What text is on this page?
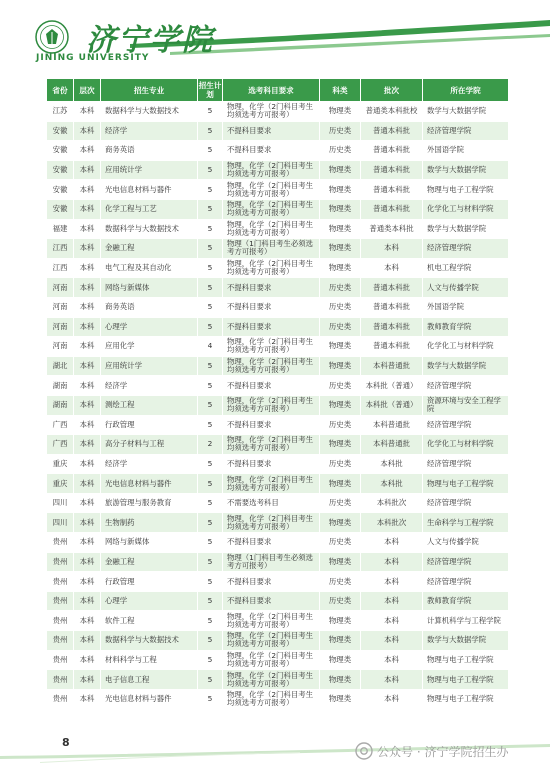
济宁学院
JINING UNIVERSITY
省份	层次	招生专业	招生计划	选考科目要求	科类	批次	所在学院
江苏	本科	数据科学与大数据技术	5	物理，化学（2门科目考生均须选考方可报考）	物理类	普通类本科批校	数学与大数据学院
安徽	本科	经济学	5	不提科目要求	历史类	普通本科批	经济管理学院
安徽	本科	商务英语	5	不提科目要求	历史类	普通本科批	外国语学院
安徽	本科	应用统计学	5	物理，化学（2门科目考生均须选考方可报考）	物理类	普通本科批	数学与大数据学院
安徽	本科	光电信息材料与器件	5	物理，化学（2门科目考生均须选考方可报考）	物理类	普通本科批	物理与电子工程学院
安徽	本科	化学工程与工艺	5	物理，化学（2门科目考生均须选考方可报考）	物理类	普通本科批	化学化工与材料学院
福建	本科	数据科学与大数据技术	5	物理，化学（2门科目考生均须选考方可报考）	物理类	普通类本科批	数学与大数据学院
江西	本科	金融工程	5	物理（1门科目考生必须选考方可报考）	物理类	本科	经济管理学院
江西	本科	电气工程及其自动化	5	物理，化学（2门科目考生均须选考方可报考）	物理类	本科	机电工程学院
河南	本科	网络与新媒体	5	不提科目要求	历史类	普通本科批	人文与传播学院
河南	本科	商务英语	5	不提科目要求	历史类	普通本科批	外国语学院
河南	本科	心理学	5	不提科目要求	历史类	普通本科批	教师教育学院
河南	本科	应用化学	4	物理，化学（2门科目考生均须选考方可报考）	物理类	普通本科批	化学化工与材料学院
湖北	本科	应用统计学	5	物理，化学（2门科目考生均须选考方可报考）	物理类	本科普通批	数学与大数据学院
湖南	本科	经济学	5	不提科目要求	历史类	本科批（普通）	经济管理学院
湖南	本科	测绘工程	5	物理，化学（2门科目考生均须选考方可报考）	物理类	本科批（普通）	资源环境与安全工程学院
广西	本科	行政管理	5	不提科目要求	历史类	本科普通批	经济管理学院
广西	本科	高分子材料与工程	2	物理，化学（2门科目考生均须选考方可报考）	物理类	本科普通批	化学化工与材料学院
重庆	本科	经济学	5	不提科目要求	历史类	本科批	经济管理学院
重庆	本科	光电信息材料与器件	5	物理，化学（2门科目考生均须选考方可报考）	物理类	本科批	物理与电子工程学院
四川	本科	旅游管理与服务教育	5	不需要选考科目	历史类	本科批次	经济管理学院
四川	本科	生物制药	5	物理，化学（2门科目考生均须选考方可报考）	物理类	本科批次	生命科学与工程学院
贵州	本科	网络与新媒体	5	不提科目要求	历史类	本科	人文与传播学院
贵州	本科	金融工程	5	物理（1门科目考生必须选考方可报考）	物理类	本科	经济管理学院
贵州	本科	行政管理	5	不提科目要求	历史类	本科	经济管理学院
贵州	本科	心理学	5	不提科目要求	历史类	本科	教师教育学院
贵州	本科	软件工程	5	物理，化学（2门科目考生均须选考方可报考）	物理类	本科	计算机科学与工程学院
贵州	本科	数据科学与大数据技术	5	物理，化学（2门科目考生均须选考方可报考）	物理类	本科	数学与大数据学院
贵州	本科	材料科学与工程	5	物理，化学（2门科目考生均须选考方可报考）	物理类	本科	物理与电子工程学院
贵州	本科	电子信息工程	5	物理，化学（2门科目考生均须选考方可报考）	物理类	本科	物理与电子工程学院
贵州	本科	光电信息材料与器件	5	物理，化学（2门科目考生均须选考方可报考）	物理类	本科	物理与电子工程学院
8
公众号 · 济宁学院招生办
